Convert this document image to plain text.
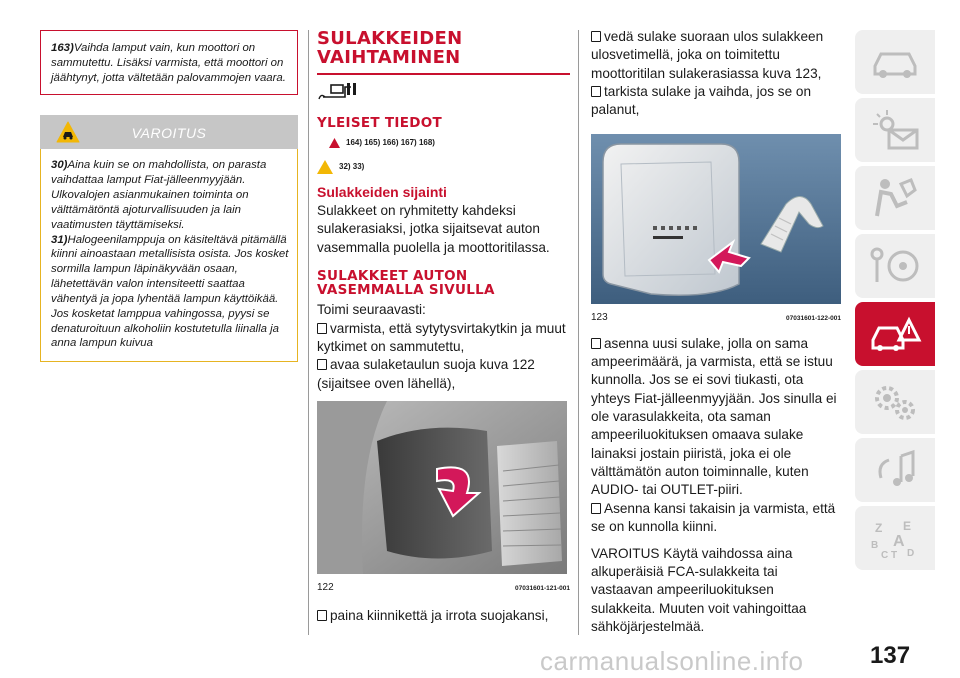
163)Vaihda lamput vain, kun moottori on sammutettu. Lisäksi varmista, että moottori on jäähtynyt, jotta vältetään palovammojen vaara.
VAROITUS

30)Aina kuin se on mahdollista, on parasta vaihdattaa lamput Fiat-jälleenmyyjään. Ulkovalojen asianmukainen toiminta on välttämätöntä ajoturvallisuuden ja lain vaatimusten täyttämiseksi.

31)Halogeenilamppuja on käsiteltävä pitämällä kiinni ainoastaan metallisista osista. Jos kosket sormilla lampun läpinäkyvään osaan, lähetettävän valon intensiteetti saattaa vähentyä ja jopa lyhentää lampun käyttöikää. Jos kosketat lamppua vahingossa, pyysi se denaturoituun alkoholiin kostutetulla liinalla ja anna lampun kuivua

SULAKKEIDEN
VAIHTAMINEN
YLEISET TIEDOT
164) 165) 166) 167) 168)
32) 33)
Sulakkeiden sijainti
Sulakkeet on ryhmitetty kahdeksi sulakerasiaksi, jotka sijaitsevat auton vasemmalla puolella ja moottoritilassa.
SULAKKEET AUTON
VASEMMALLA SIVULLA
Toimi seuraavasti:
varmista, että sytytysvirtakytkin ja muut kytkimet on sammutettu,
avaa sulaketaulun suoja kuva 122 (sijaitsee oven lähellä),
122	07031601-121-001
paina kiinnikettä ja irrota suojakansi,
vedä sulake suoraan ulos sulakkeen ulosvetimellä, joka on toimitettu moottoritilan sulakerasiassa kuva 123,
tarkista sulake ja vaihda, jos se on palanut,
123	07031601-122-001
asenna uusi sulake, jolla on sama ampeerimäärä, ja varmista, että se istuu kunnolla. Jos se ei sovi tiukasti, ota yhteys Fiat-jälleenmyyjään. Jos sinulla ei ole varasulakkeita, ota saman ampeeriluokituksen omaava sulake lainaksi jostain piiristä, joka ei ole välttämätön auton toiminnalle, kuten AUDIO- tai OUTLET-piiri.
Asenna kansi takaisin ja varmista, että se on kunnolla kiinni.
VAROITUS Käytä vaihdossa aina alkuperäisiä FCA-sulakkeita tai vastaavan ampeeriluokituksen sulakkeita. Muuten voit vahingoittaa sähköjärjestelmää.
Z E
B A
C T D
carmanualsonline.info	137
